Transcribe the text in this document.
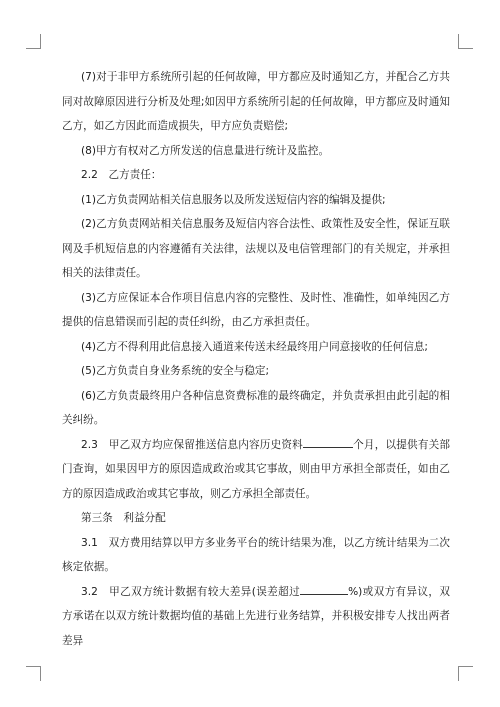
(7)对于非甲方系统所引起的任何故障，甲方都应及时通知乙方，并配合乙方共同对故障原因进行分析及处理;如因甲方系统所引起的任何故障，甲方都应及时通知乙方，如乙方因此而造成损失，甲方应负责赔偿;

(8)甲方有权对乙方所发送的信息量进行统计及监控。

2.2　乙方责任：

(1)乙方负责网站相关信息服务以及所发送短信内容的编辑及提供;

(2)乙方负责网站相关信息服务及短信内容合法性、政策性及安全性，保证互联网及手机短信息的内容遵循有关法律，法规以及电信管理部门的有关规定，并承担相关的法律责任。

(3)乙方应保证本合作项目信息内容的完整性、及时性、准确性，如单纯因乙方提供的信息错误而引起的责任纠纷，由乙方承担责任。

(4)乙方不得利用此信息接入通道来传送未经最终用户同意接收的任何信息;

(5)乙方负责自身业务系统的安全与稳定;

(6)乙方负责最终用户各种信息资费标准的最终确定，并负责承担由此引起的相关纠纷。

2.3　甲乙双方均应保留推送信息内容历史资料	个月，以提供有关部门查询，如果因甲方的原因造成政治或其它事故，则由甲方承担全部责任，如由乙方的原因造成政治或其它事故，则乙方承担全部责任。

第三条　利益分配

3.1　双方费用结算以甲方多业务平台的统计结果为准，以乙方统计结果为二次核定依据。

3.2　甲乙双方统计数据有较大差异(误差超过	%)或双方有异议，双方承诺在以双方统计数据均值的基础上先进行业务结算，并积极安排专人找出两者差异
